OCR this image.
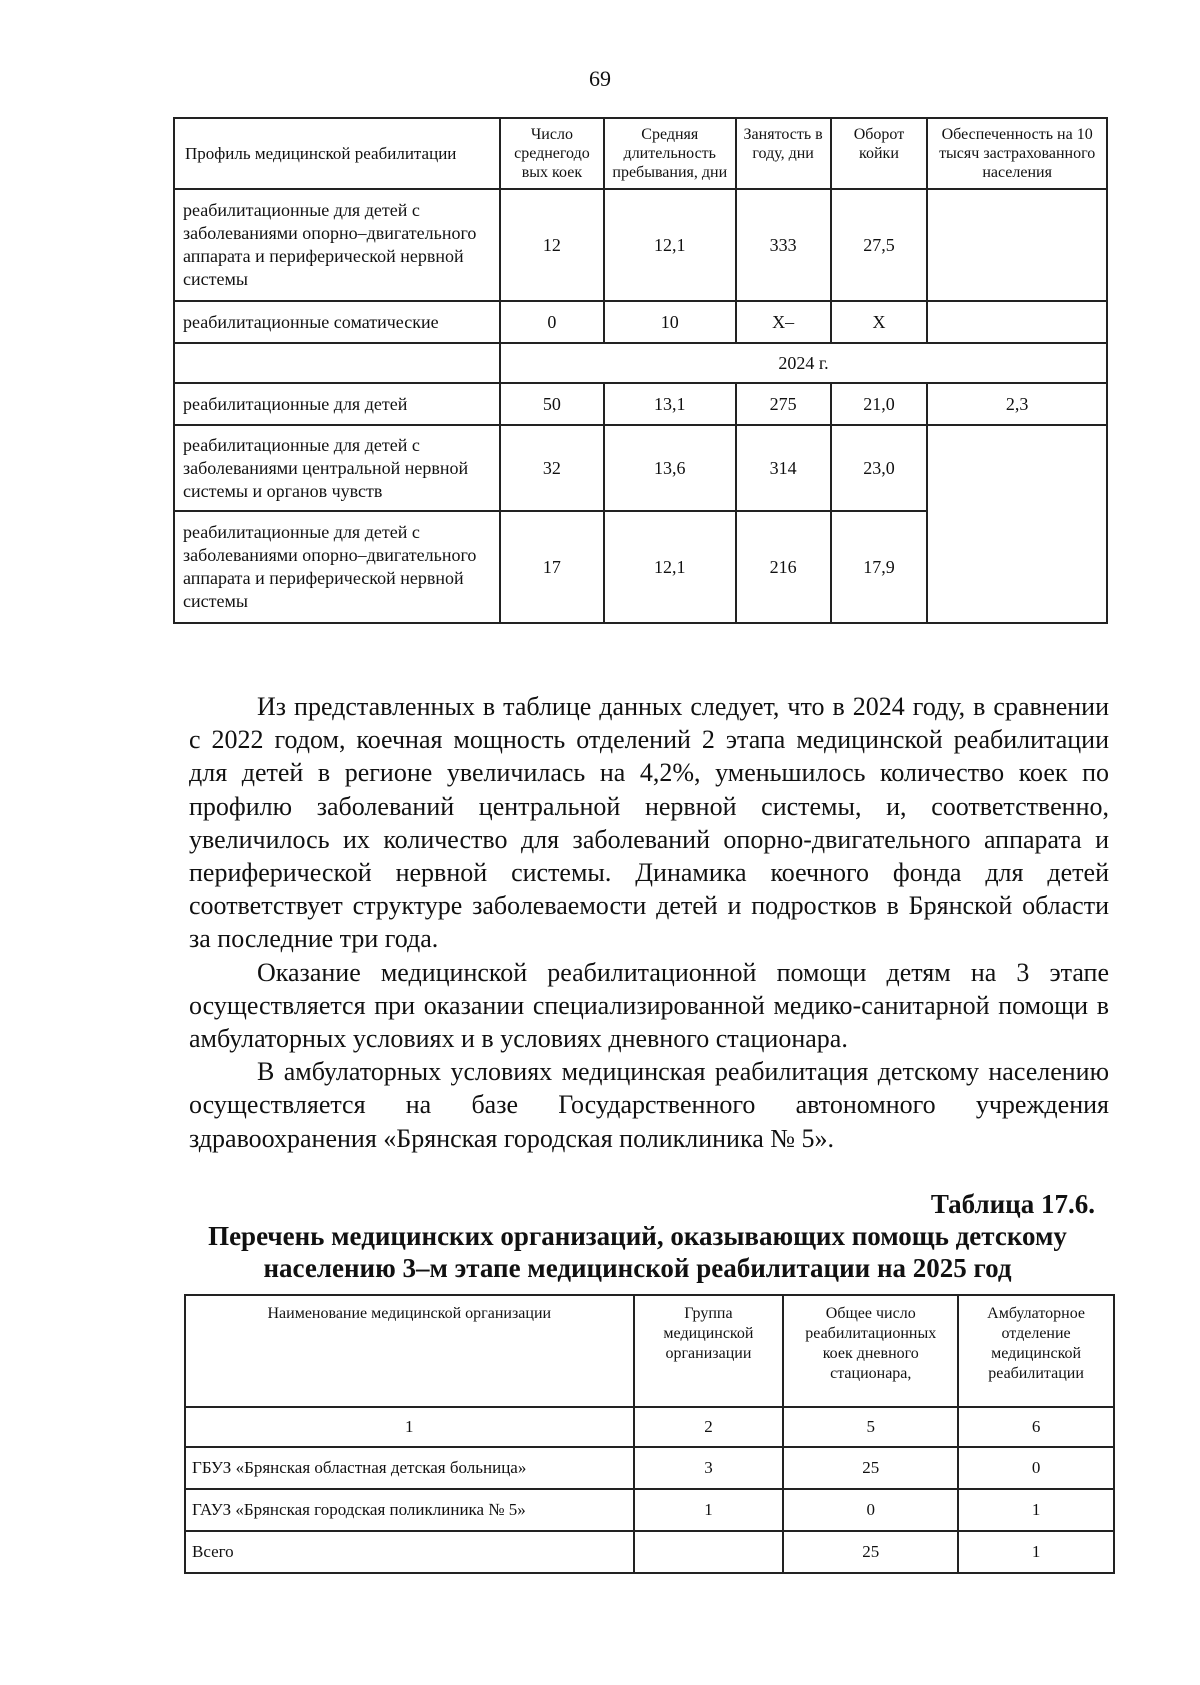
69
Профиль медицинской реабилитации	Число среднегодо вых коек	Средняя длительность пребывания, дни	Занятость в году, дни	Оборот койки	Обеспеченность на 10 тысяч застрахованного населения
реабилитационные для детей с заболеваниями опорно–двигательного аппарата и периферической нервной системы	12	12,1	333	27,5	
реабилитационные соматические	0	10	Х–	Х	
	2024 г.				
реабилитационные для детей	50	13,1	275	21,0	2,3
реабилитационные для детей с заболеваниями центральной нервной системы и органов чувств	32	13,6	314	23,0	
реабилитационные для детей с заболеваниями опорно–двигательного аппарата и периферической нервной системы	17	12,1	216	17,9	

Из представленных в таблице данных следует, что в 2024 году, в сравнении с 2022 годом, коечная мощность отделений 2 этапа медицинской реабилитации для детей в регионе увеличилась на 4,2%, уменьшилось количество коек по профилю заболеваний центральной нервной системы, и, соответственно, увеличилось их количество для заболеваний опорно-двигательного аппарата и периферической нервной системы. Динамика коечного фонда для детей соответствует структуре заболеваемости детей и подростков в Брянской области за последние три года.

Оказание медицинской реабилитационной помощи детям на 3 этапе осуществляется при оказании специализированной медико-санитарной помощи в амбулаторных условиях и в условиях дневного стационара.

В амбулаторных условиях медицинская реабилитация детскому населению осуществляется на базе Государственного автономного учреждения здравоохранения «Брянская городская поликлиника № 5».

Таблица 17.6.
Перечень медицинских организаций, оказывающих помощь детскому
населению 3–м этапе медицинской реабилитации на 2025 год
Наименование медицинской организации	Группа медицинской организации	Общее число реабилитационных коек дневного стационара,	Амбулаторное отделение медицинской реабилитации
1	2	5	6
ГБУЗ «Брянская областная детская больница»	3	25	0
ГАУЗ «Брянская городская поликлиника № 5»	1	0	1
Всего		25	1
